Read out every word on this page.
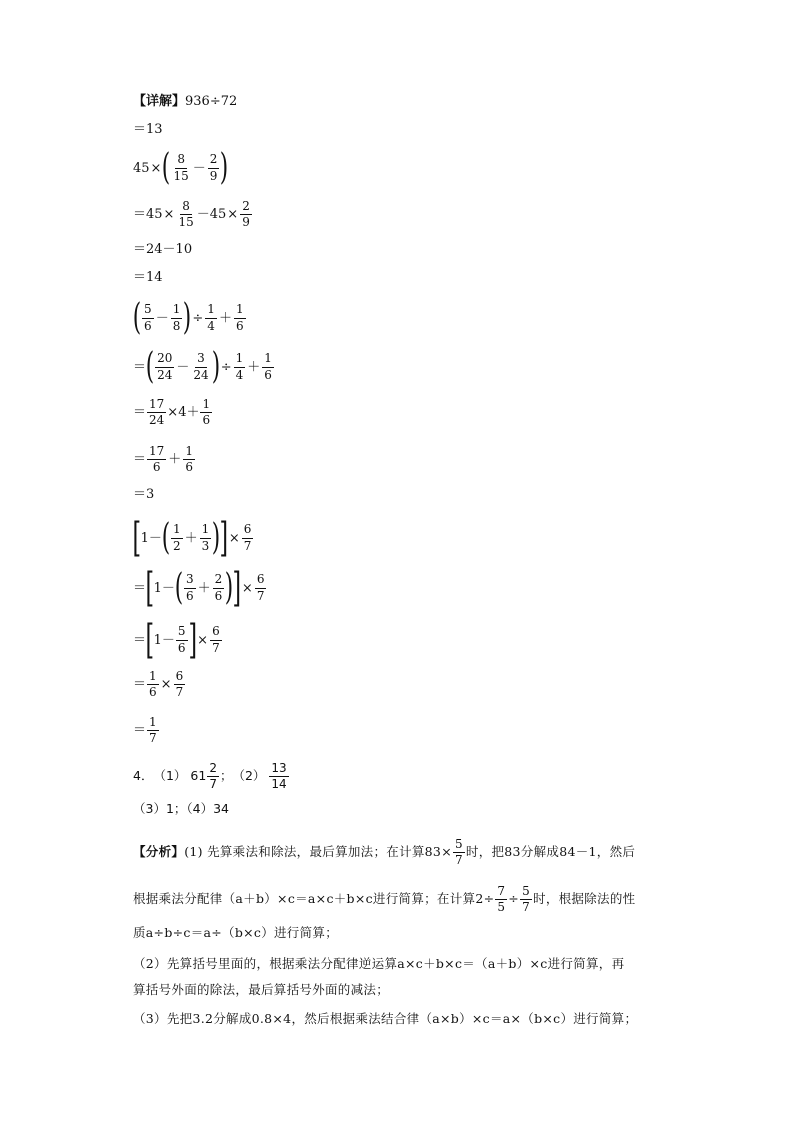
【详解】 936÷72
＝13
45 × ( $\frac{8}{15} - \frac{2}{9}$ )
$=45 \times \frac{8}{15} -45 \times \frac{2}{9}$
＝24－10
＝14
( $\frac{5}{6} - \frac{1}{8}$ ) ÷ $\frac{1}{4} + \frac{1}{6}$
＝ ( $\frac{20}{24} - \frac{3}{24}$ ) ÷ $\frac{1}{4} + \frac{1}{6}$
＝ $\frac{17}{24} \times 4+ \frac{1}{6}$
＝ $\frac{17}{6} + \frac{1}{6}$
＝3
[ 1－ ( $\frac{1}{2} + \frac{1}{3}$ ) ] × $\frac{6}{7}$
＝ [ 1－ ( $\frac{3}{6} + \frac{2}{6}$ ) ] × $\frac{6}{7}$
＝ [ $1- \frac{5}{6}$ ] × $\frac{6}{7}$
＝ $\frac{1}{6} \times \frac{6}{7}$
＝ $\frac{1}{7}$
4． （1） $61 \frac{2}{7}$ ； $(2) \frac{13}{14}$
（3）1；（4）34
【分析】 (1) 先算乘法和除法，最后算加法；在计算$83\times \frac{5}{7}$ 时，把83分解成84－1，然后
根据乘法分配律（a＋b）×c＝a×c＋b×c进行简算；在计算$2\div \frac{7}{5} \div \frac{5}{7}$ 时，根据除法的性
质a÷b÷c＝a÷（b×c）进行简算；
（2）先算括号里面的，根据乘法分配律逆运算a×c＋b×c＝（a＋b）×c进行简算，再
算括号外面的除法，最后算括号外面的减法；
（3）先把3.2分解成0.8×4，然后根据乘法结合律（a×b）×c＝a×（b×c）进行简算；
